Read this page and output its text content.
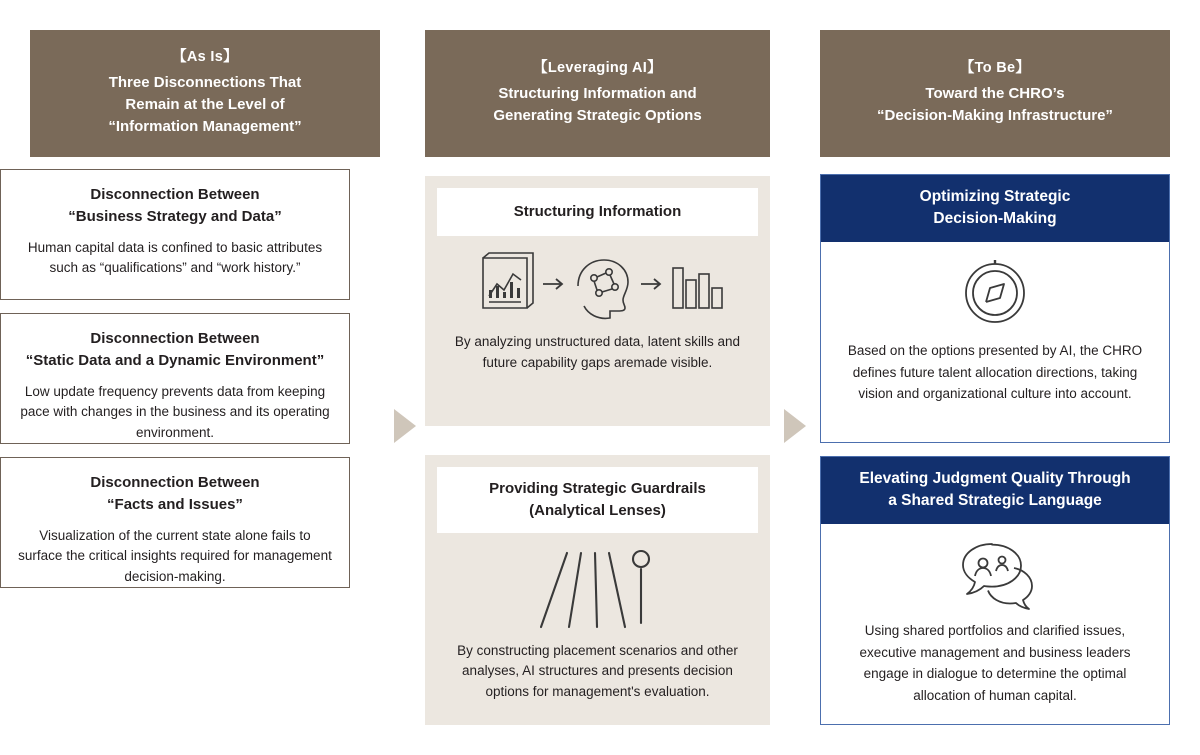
【As Is】
Three Disconnections That
Remain at the Level of
“Information Management”
Disconnection Between
“Business Strategy and Data”
Human capital data is confined to basic attributes such as “qualifications” and “work history.”
Disconnection Between
“Static Data and a Dynamic Environment”
Low update frequency prevents data from keeping pace with changes in the business and its operating environment.
Disconnection Between
“Facts and Issues”
Visualization of the current state alone fails to surface the critical insights required for management decision-making.
【Leveraging AI】
Structuring Information and
Generating Strategic Options
Structuring Information
By analyzing unstructured data, latent skills and future capability gaps aremade visible.
Providing Strategic Guardrails
(Analytical Lenses)
By constructing placement scenarios and other analyses, AI structures and presents decision options for management's evaluation.
【To Be】
Toward the CHRO’s
“Decision-Making Infrastructure”
Optimizing Strategic
Decision-Making
Based on the options presented by AI, the CHRO defines future talent allocation directions, taking vision and organizational culture into account.
Elevating Judgment Quality Through
a Shared Strategic Language
Using shared portfolios and clarified issues, executive management and business leaders engage in dialogue to determine the optimal allocation of human capital.
